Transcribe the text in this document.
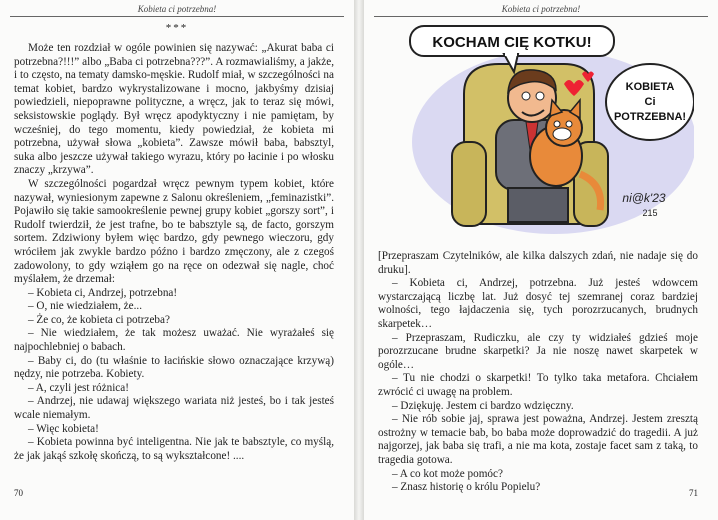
Kobieta ci potrzebna!
***

Może ten rozdział w ogóle powinien się nazywać: „Akurat baba ci potrzebna?!!!” albo „Baba ci potrzebna???”. A rozmawialiśmy, a jakże, i to często, na tematy damsko-męskie. Rudolf miał, w szczególności na temat kobiet, bardzo wykrystalizowane i mocno, jakbyśmy dzisiaj powiedzieli, niepoprawne polityczne, a wręcz, jak to teraz się mówi, seksistowskie poglądy. Był wręcz apodyktyczny i nie pamiętam, by wcześniej, do tego momentu, kiedy powiedział, że kobieta mi potrzebna, używał słowa „kobieta”. Zawsze mówił baba, babsztyl, suka albo jeszcze używał takiego wyrazu, który po łacinie i po włosku znaczy „krzywa”.

W szczególności pogardzał wręcz pewnym typem kobiet, które nazywał, wyniesionym zapewne z Salonu określeniem, „feminazistki”. Pojawiło się takie samookreślenie pewnej grupy kobiet „gorszy sort”, i Rudolf twierdził, że jest trafne, bo te babsztyle są, de facto, gorszym sortem. Zdziwiony byłem więc bardzo, gdy pewnego wieczoru, gdy wróciłem jak zwykle bardzo późno i bardzo zmęczony, ale z czegoś zadowolony, to gdy wziąłem go na ręce on odezwał się nagle, choć myślałem, że drzemał:

– Kobieta ci, Andrzej, potrzebna!

– O, nie wiedziałem, że...

– Że co, że kobieta ci potrzeba?

– Nie wiedziałem, że tak możesz uważać. Nie wyrażałeś się najpochlebniej o babach.

– Baby ci, do (tu właśnie to łacińskie słowo oznaczające krzywą) nędzy, nie potrzeba. Kobiety.

– A, czyli jest różnica!

– Andrzej, nie udawaj większego wariata niż jesteś, bo i tak jesteś wcale niemałym.

– Więc kobieta!

– Kobieta powinna być inteligentna. Nie jak te babsztyle, co myślą, że jak jakąś szkołę skończą, to są wykształcone! ....

70
Kobieta ci potrzebna!
KOCHAM CIĘ KOTKU!
KOBIETA
Ci
POTRZEBNA!
ni@k'23
215

[Przepraszam Czytelników, ale kilka dalszych zdań, nie nadaje się do druku].

– Kobieta ci, Andrzej, potrzebna. Już jesteś wdowcem wystarczającą liczbę lat. Już dosyć tej szemranej coraz bardziej wolności, tego łajdaczenia się, tych porozrzucanych, brudnych skarpetek…

– Przepraszam, Rudiczku, ale czy ty widziałeś gdzieś moje porozrzucane brudne skarpetki? Ja nie noszę nawet skarpetek w ogóle…

– Tu nie chodzi o skarpetki! To tylko taka metafora. Chciałem zwrócić ci uwagę na problem.

– Dziękuję. Jestem ci bardzo wdzięczny.

– Nie rób sobie jaj, sprawa jest poważna, Andrzej. Jestem zresztą ostrożny w temacie bab, bo baba może doprowadzić do tragedii. A już najgorzej, jak baba się trafi, a nie ma kota, zostaje facet sam z taką, to tragedia gotowa.

– A co kot może pomóc?

– Znasz historię o królu Popielu?	71
